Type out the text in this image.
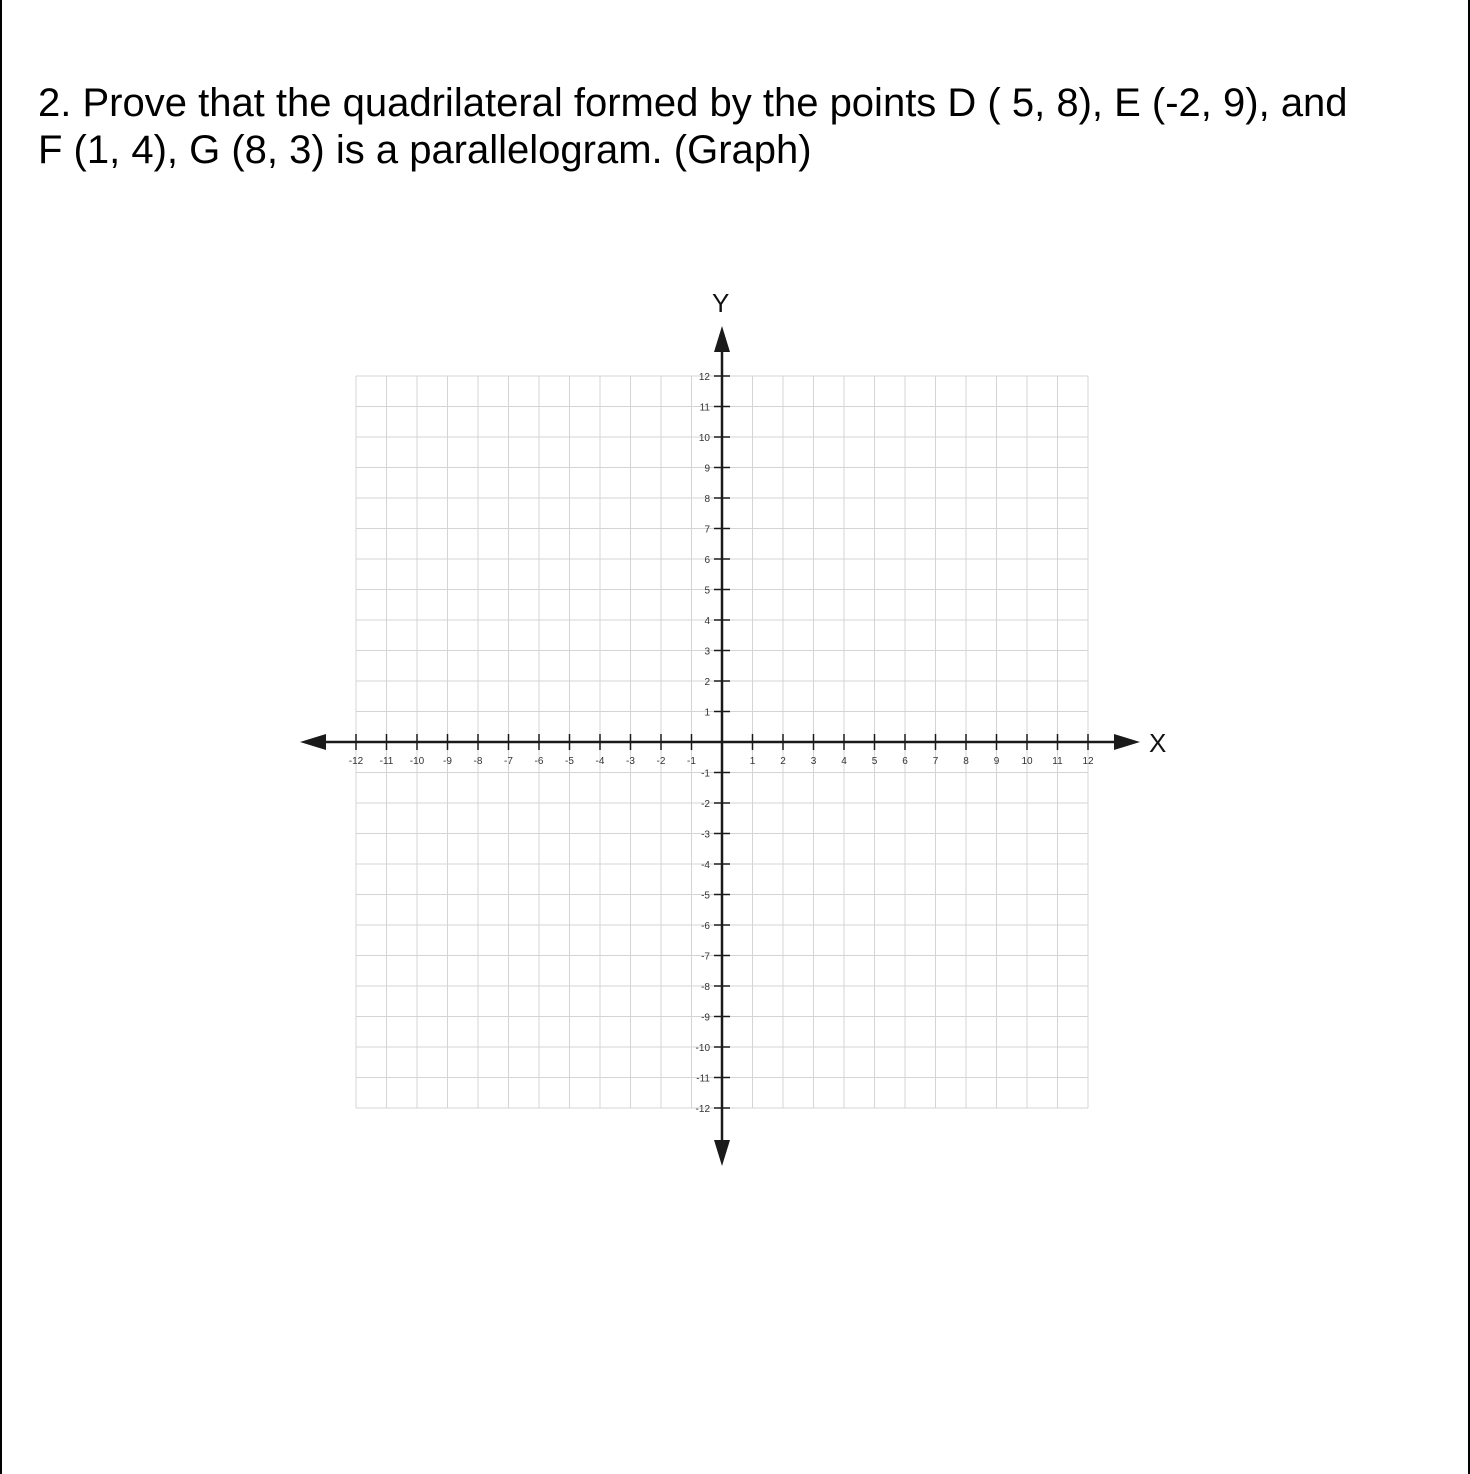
2. Prove that the quadrilateral formed by the points D ( 5, 8), E (-2, 9), and
F (1, 4), G (8, 3) is a parallelogram. (Graph)

-12 -11 -10 -9 -8 -7 -6 -5 -4 -3 -2 -1	1 2 3 4 5 6 7 8 9 10 11 12
12
11
10
9
8
7
6
5
4
3
2
1
-1
-2
-3
-4
-5
-6
-7
-8
-9
-10
-11
-12
X
Y
